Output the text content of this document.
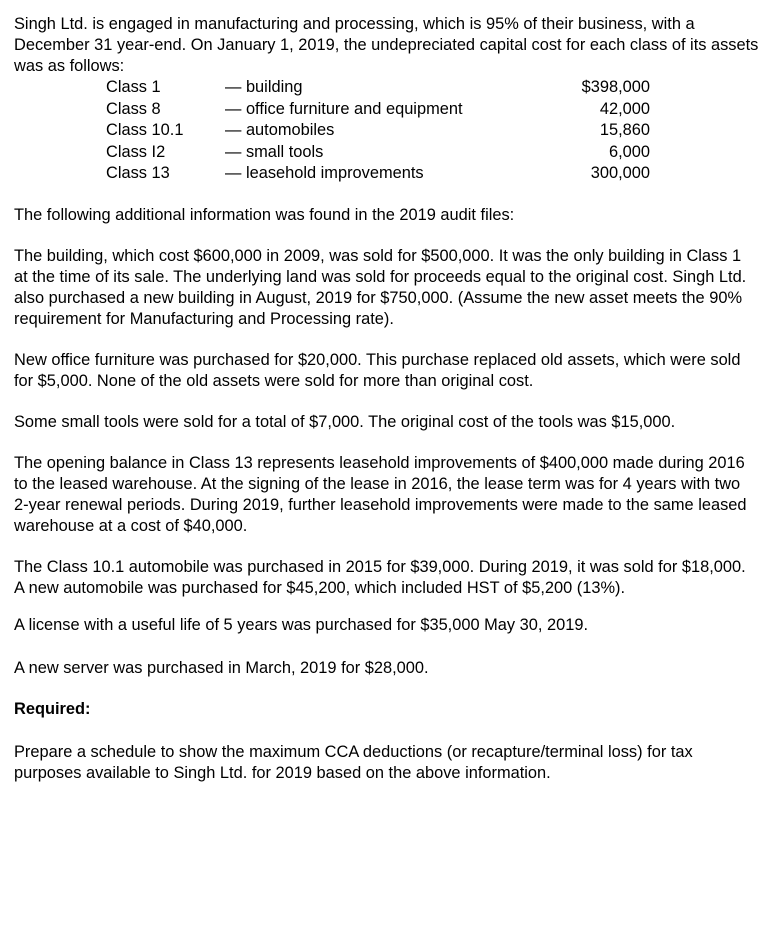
Singh Ltd. is engaged in manufacturing and processing, which is 95% of their business, with a December 31 year-end. On January 1, 2019, the undepreciated capital cost for each class of its assets was as follows:

Class 1	— building	$398,000
Class 8	— office furniture and equipment	42,000
Class 10.1	— automobiles	15,860
Class I2	— small tools	6,000
Class 13	— leasehold improvements	300,000

The following additional information was found in the 2019 audit files:

The building, which cost $600,000 in 2009, was sold for $500,000. It was the only building in Class 1 at the time of its sale. The underlying land was sold for proceeds equal to the original cost. Singh Ltd. also purchased a new building in August, 2019 for $750,000. (Assume the new asset meets the 90% requirement for Manufacturing and Processing rate).

New office furniture was purchased for $20,000. This purchase replaced old assets, which were sold for $5,000. None of the old assets were sold for more than original cost.

Some small tools were sold for a total of $7,000. The original cost of the tools was $15,000.

The opening balance in Class 13 represents leasehold improvements of $400,000 made during 2016 to the leased warehouse. At the signing of the lease in 2016, the lease term was for 4 years with two 2-year renewal periods. During 2019, further leasehold improvements were made to the same leased warehouse at a cost of $40,000.

The Class 10.1 automobile was purchased in 2015 for $39,000. During 2019, it was sold for $18,000. A new automobile was purchased for $45,200, which included HST of $5,200 (13%).

A license with a useful life of 5 years was purchased for $35,000 May 30, 2019.

A new server was purchased in March, 2019 for $28,000.

Required:

Prepare a schedule to show the maximum CCA deductions (or recapture/terminal loss) for tax purposes available to Singh Ltd. for 2019 based on the above information.
